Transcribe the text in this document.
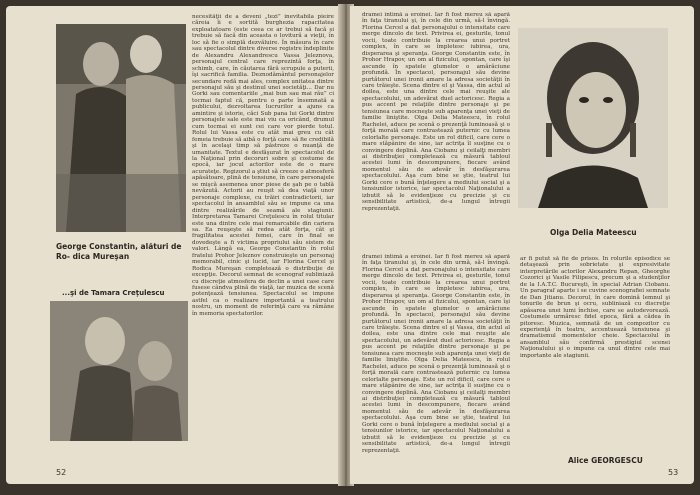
George Constantin, alături de Ro- dica Mureşan
...şi de Tamara Creţulescu
necesităţii de a deveni „tezi” inevitabila pieire căreia îi e sortită burghezia rapacitatea exploatatoare (este ceea ce ar trebui să facă și trebuie să facă din aceasta o lovitură a vieţii, în loc să fie o simplă dezvăluire. În măsura în care sau spectacolul dintre diverse registre îndeplinite de Alexandru Alexandrescu Vassa Jeleznova, personajul central care reprezintă forţa, în schimb, care, în căutarea fără scrupule a puterii, îşi sacrifică familia. Deznodământul personajelor secundare redă mai ales, complex unitatea dintre personajul său şi destinul unei societăţi... Dar nu Gorki sau comentariile „mai bun sau mai rău” ci tocmai faptul că, pentru o parte însemnată a publicului, dezvoltarea lucrurilor a ajuns ca amintire şi istorie, căci Sub pana lui Gorki dintre personajele sale este mai viu ca oricând, drumul cum tocmai ei sunt cei care vor pierde totul. Rolul lui Vassa este cu atât mai greu cu cât femeia trebuie să aibă o forţă care să fie credibilă şi în acelaşi timp să păstreze o nuanţă de umanitate. Textul e desfăşurat în spectacolul de la Naţional prin decoruri sobre şi costume de epocă, iar jocul actorilor este de o mare acurateţe. Regizorul a ştiut să creeze o atmosferă apăsătoare, plină de tensiune, în care personajele se mişcă asemenea unor piese de şah pe o tablă nevăzută. Actorii au reuşit să dea viaţă unor personaje complexe, cu trăiri contradictorii, iar spectacolul în ansamblul său se impune ca una dintre realizările de seamă ale stagiunii. Interpretarea Tamarei Creţulescu în rolul titular este una dintre cele mai remarcabile din cariera sa. Ea reuşeşte să redea atât forţa, cât şi fragilitatea acestei femei, care în final se dovedeşte a fi victima propriului său sistem de valori. Lângă ea, George Constantin în rolul fratelui Prohor Jeleznov construieşte un personaj memorabil, cinic şi lucid, iar Florina Cercel şi Rodica Mureşan completează o distribuţie de excepţie. Decorul semnat de scenograf subliniază cu discreţie atmosfera de declin a unei case care fusese cândva plină de viaţă, iar muzica de scenă potenţează tensiunea. Spectacolul se impune astfel ca o realizare importantă a teatrului nostru, un moment de referinţă care va rămâne în memoria spectatorilor.
52
dramei intimă a eroinei. Iar fi fost mereu să apară în faţa tiranului şi, în cele din urmă, să-l învingă. Florina Cercel a dat personajului o intensitate care merge dincolo de text. Privirea ei, gesturile, tonul vocii, toate contribuie la crearea unui portret complex, în care se împletesc iubirea, ura, disperarea şi speranţa. George Constantin este, în Prohor Hrapov, un om al fizicului, spontan, care îşi ascunde în spatele glumelor o amărăciune profundă. În spectacol, personajul său devine purtătorul unei ironii amare la adresa societăţii în care trăieşte. Scena dintre el şi Vassa, din actul al doilea, este una dintre cele mai reuşite ale spectacolului, un adevărat duel actoricesc. Regia a pus accent pe relaţiile dintre personaje şi pe tensiunea care mocneşte sub aparenţa unei vieţi de familie liniştite. Olga Delia Mateescu, în rolul Rachelei, aduce pe scenă o prezenţă luminoasă şi o forţă morală care contrastează puternic cu lumea celorlalte personaje. Este un rol dificil, care cere o mare stăpânire de sine, iar actriţa îl susţine cu o convingere deplină. Ana Ciobanu şi ceilalţi membri ai distribuţiei completează cu măsură tabloul acestei lumi în descompunere, fiecare având momentul său de adevăr în desfăşurarea spectacolului. Aşa cum bine se ştie, teatrul lui Gorki cere o bună înţelegere a mediului social şi a tensiunilor istorice, iar spectacolul Naţionalului a izbutit să le evidenţieze cu precizie şi cu sensibilitate artistică, de-a lungul întregii reprezentaţii.
Olga Delia Mateescu
dramei intimă a eroinei. Iar fi fost mereu să apară în faţa tiranului şi, în cele din urmă, să-l învingă. Florina Cercel a dat personajului o intensitate care merge dincolo de text. Privirea ei, gesturile, tonul vocii, toate contribuie la crearea unui portret complex, în care se împletesc iubirea, ura, disperarea şi speranţa. George Constantin este, în Prohor Hrapov, un om al fizicului, spontan, care îşi ascunde în spatele glumelor o amărăciune profundă. În spectacol, personajul său devine purtătorul unei ironii amare la adresa societăţii în care trăieşte. Scena dintre el şi Vassa, din actul al doilea, este una dintre cele mai reuşite ale spectacolului, un adevărat duel actoricesc. Regia a pus accent pe relaţiile dintre personaje şi pe tensiunea care mocneşte sub aparenţa unei vieţi de familie liniştite. Olga Delia Mateescu, în rolul Rachelei, aduce pe scenă o prezenţă luminoasă şi o forţă morală care contrastează puternic cu lumea celorlalte personaje. Este un rol dificil, care cere o mare stăpânire de sine, iar actriţa îl susţine cu o convingere deplină. Ana Ciobanu şi ceilalţi membri ai distribuţiei completează cu măsură tabloul acestei lumi în descompunere, fiecare având momentul său de adevăr în desfăşurarea spectacolului. Aşa cum bine se ştie, teatrul lui Gorki cere o bună înţelegere a mediului social şi a tensiunilor istorice, iar spectacolul Naţionalului a izbutit să le evidenţieze cu precizie şi cu sensibilitate artistică, de-a lungul întregii reprezentaţii.
ar fi putut să fie de prisos. În rolurile episodice se detaşează prin sobrietate şi expresivitate interpretările actorilor Alexandru Repan, Gheorghe Cozorici şi Vasile Filipescu, precum şi a studenţilor de la I.A.T.C. Bucureşti, în special Adrian Ciobanu. Un paragraf aparte i se cuvine scenografiei semnate de Dan Jitianu. Decorul, în care domină lemnul şi tonurile de brun şi ocru, subliniază cu discreţie apăsarea unei lumi închise, care se autodevorează. Costumele urmăresc fidel epoca, fără a cădea în pitoresc. Muzica, semnată de un compozitor cu experienţă în teatru, accentuează tensiunea şi dramatismul momentelor cheie. Spectacolul în ansamblul său confirmă prestigiul scenei Naţionalului şi o impune ca unul dintre cele mai importante ale stagiunii.
Alice GEORGESCU
53
